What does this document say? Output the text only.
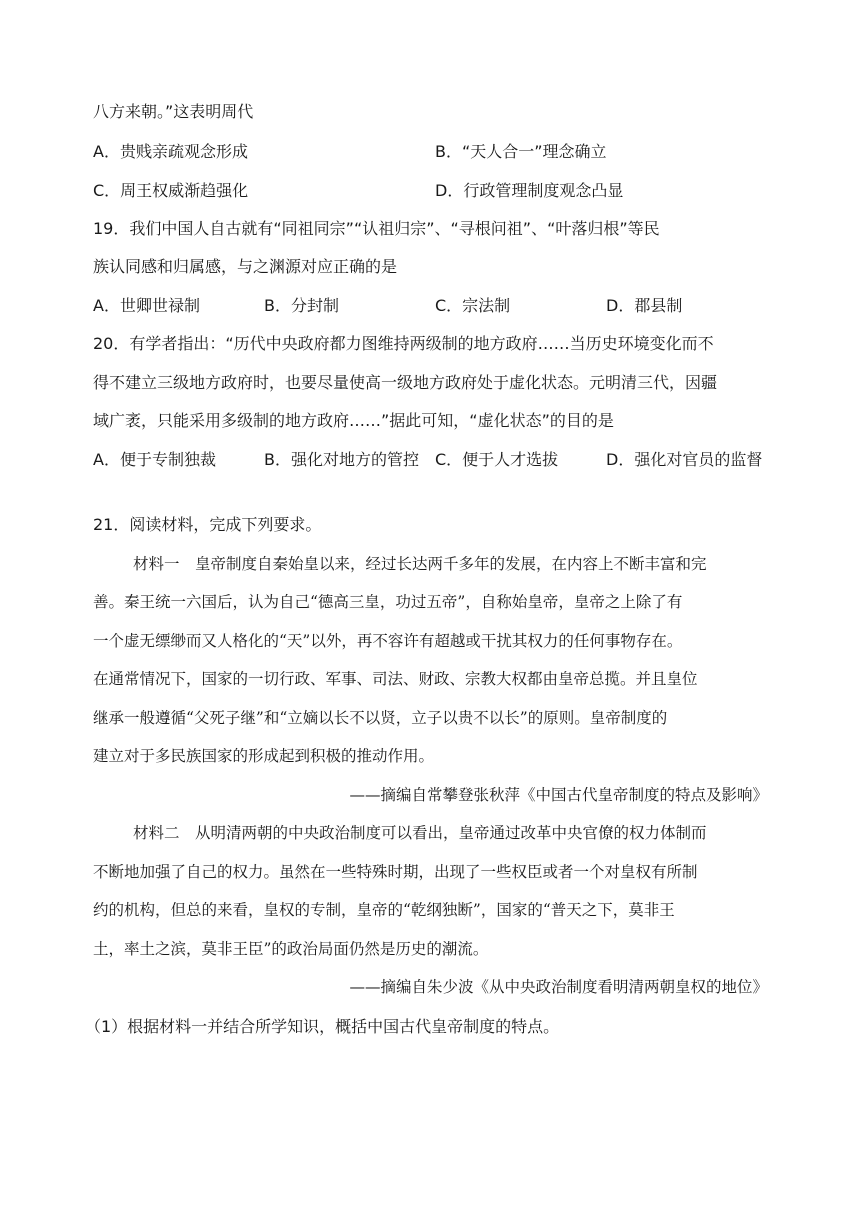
八方来朝。”这表明周代
A．贵贱亲疏观念形成	B．“天人合一”理念确立
C．周王权威渐趋强化	D．行政管理制度观念凸显
19．我们中国人自古就有“同祖同宗”“认祖归宗”、“寻根问祖”、“叶落归根”等民
族认同感和归属感，与之渊源对应正确的是
A．世卿世禄制	B．分封制	C．宗法制	D．郡县制
20．有学者指出：“历代中央政府都力图维持两级制的地方政府……当历史环境变化而不
得不建立三级地方政府时，也要尽量使高一级地方政府处于虚化状态。元明清三代，因疆
域广袤，只能采用多级制的地方政府……”据此可知，“虚化状态”的目的是
A．便于专制独裁	B．强化对地方的管控 C．便于人才选拔	D．强化对官员的监督
21．阅读材料，完成下列要求。
材料一　皇帝制度自秦始皇以来，经过长达两千多年的发展，在内容上不断丰富和完
善。秦王统一六国后，认为自己“德高三皇，功过五帝”，自称始皇帝，皇帝之上除了有
一个虚无缥缈而又人格化的“天”以外，再不容许有超越或干扰其权力的任何事物存在。
在通常情况下，国家的一切行政、军事、司法、财政、宗教大权都由皇帝总揽。并且皇位
继承一般遵循“父死子继”和“立嫡以长不以贤，立子以贵不以长”的原则。皇帝制度的
建立对于多民族国家的形成起到积极的推动作用。
——摘编自常攀登张秋萍《中国古代皇帝制度的特点及影响》
材料二　从明清两朝的中央政治制度可以看出，皇帝通过改革中央官僚的权力体制而
不断地加强了自己的权力。虽然在一些特殊时期，出现了一些权臣或者一个对皇权有所制
约的机构，但总的来看，皇权的专制，皇帝的“乾纲独断”，国家的“普天之下，莫非王
土，率土之滨，莫非王臣”的政治局面仍然是历史的潮流。
——摘编自朱少波《从中央政治制度看明清两朝皇权的地位》
（1）根据材料一并结合所学知识，概括中国古代皇帝制度的特点。
